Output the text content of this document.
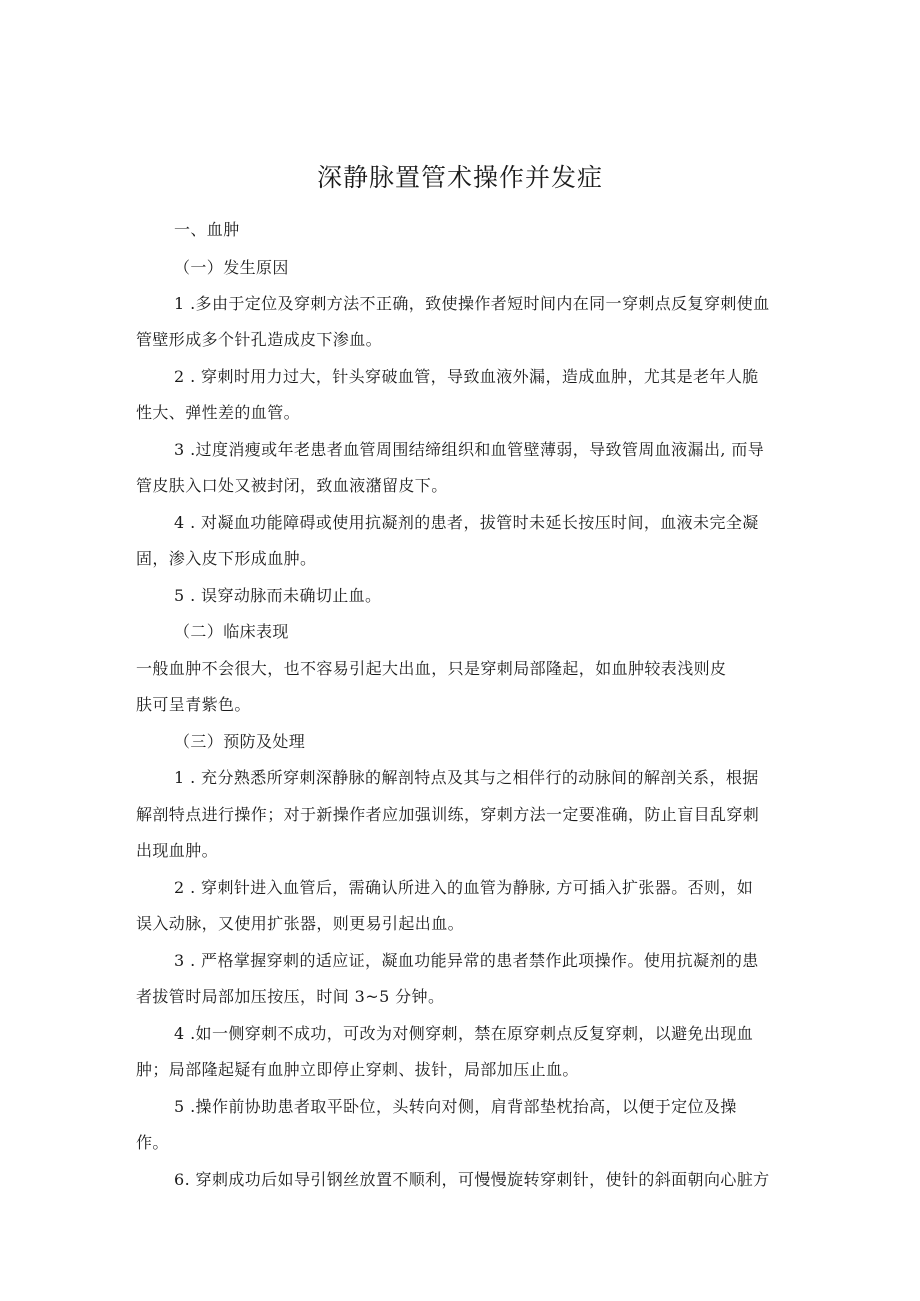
深静脉置管术操作并发症
一、血肿
（一）发生原因
1 .多由于定位及穿刺方法不正确，致使操作者短时间内在同一穿刺点反复穿刺使血
管壁形成多个针孔造成皮下渗血。
2 . 穿刺时用力过大，针头穿破血管，导致血液外漏，造成血肿，尤其是老年人脆
性大、弹性差的血管。
3 .过度消瘦或年老患者血管周围结缔组织和血管壁薄弱，导致管周血液漏出, 而导
管皮肤入口处又被封闭，致血液潴留皮下。
4 . 对凝血功能障碍或使用抗凝剂的患者，拔管时未延长按压时间，血液未完全凝
固，渗入皮下形成血肿。
5 . 误穿动脉而未确切止血。
（二）临床表现
一般血肿不会很大，也不容易引起大出血，只是穿刺局部隆起，如血肿较表浅则皮
肤可呈青紫色。
（三）预防及处理
1 . 充分熟悉所穿刺深静脉的解剖特点及其与之相伴行的动脉间的解剖关系，根据
解剖特点进行操作；对于新操作者应加强训练，穿刺方法一定要准确，防止盲目乱穿刺
出现血肿。
2 . 穿刺针进入血管后，需确认所进入的血管为静脉, 方可插入扩张器。否则，如
误入动脉，又使用扩张器，则更易引起出血。
3 . 严格掌握穿刺的适应证，凝血功能异常的患者禁作此项操作。使用抗凝剂的患
者拔管时局部加压按压，时间 3~5 分钟。
4 .如一侧穿刺不成功，可改为对侧穿刺，禁在原穿刺点反复穿刺，以避免出现血
肿；局部隆起疑有血肿立即停止穿刺、拔针，局部加压止血。
5 .操作前协助患者取平卧位，头转向对侧，肩背部垫枕抬高，以便于定位及操
作。
6. 穿刺成功后如导引钢丝放置不顺利，可慢慢旋转穿刺针，使针的斜面朝向心脏方
